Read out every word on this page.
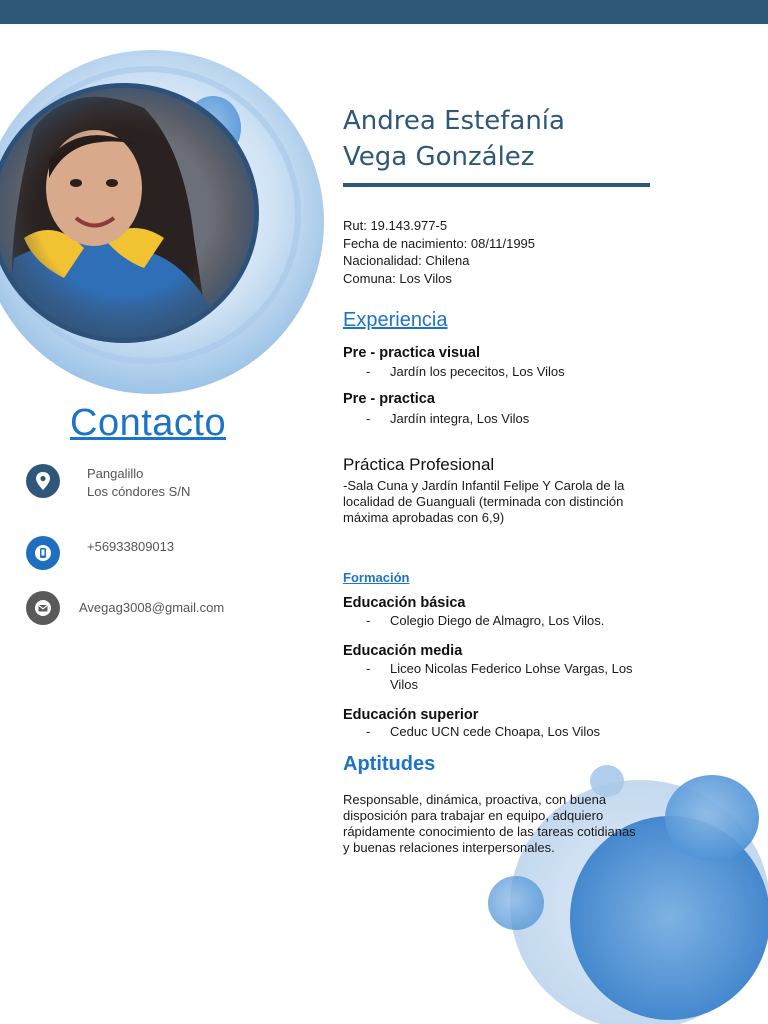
Andrea Estefanía
Vega González
Rut: 19.143.977-5
Fecha de nacimiento: 08/11/1995
Nacionalidad: Chilena
Comuna: Los Vilos
Experiencia
Pre - practica visual
- Jardín los pececitos, Los Vilos
Pre - practica
- Jardín integra, Los Vilos
Práctica Profesional
-Sala Cuna y Jardín Infantil Felipe Y Carola de la localidad de Guanguali (terminada con distinción máxima aprobadas con 6,9)
Formación
Educación básica
- Colegio Diego de Almagro, Los Vilos.
Educación media
- Liceo Nicolas Federico Lohse Vargas, Los Vilos
Educación superior
- Ceduc UCN cede Choapa, Los Vilos
Aptitudes
Responsable, dinámica, proactiva, con buena disposición para trabajar en equipo, adquiero rápidamente conocimiento de las tareas cotidianas y buenas relaciones interpersonales.
Contacto
Pangalillo
Los cóndores S/N
+56933809013
Avegag3008@gmail.com
